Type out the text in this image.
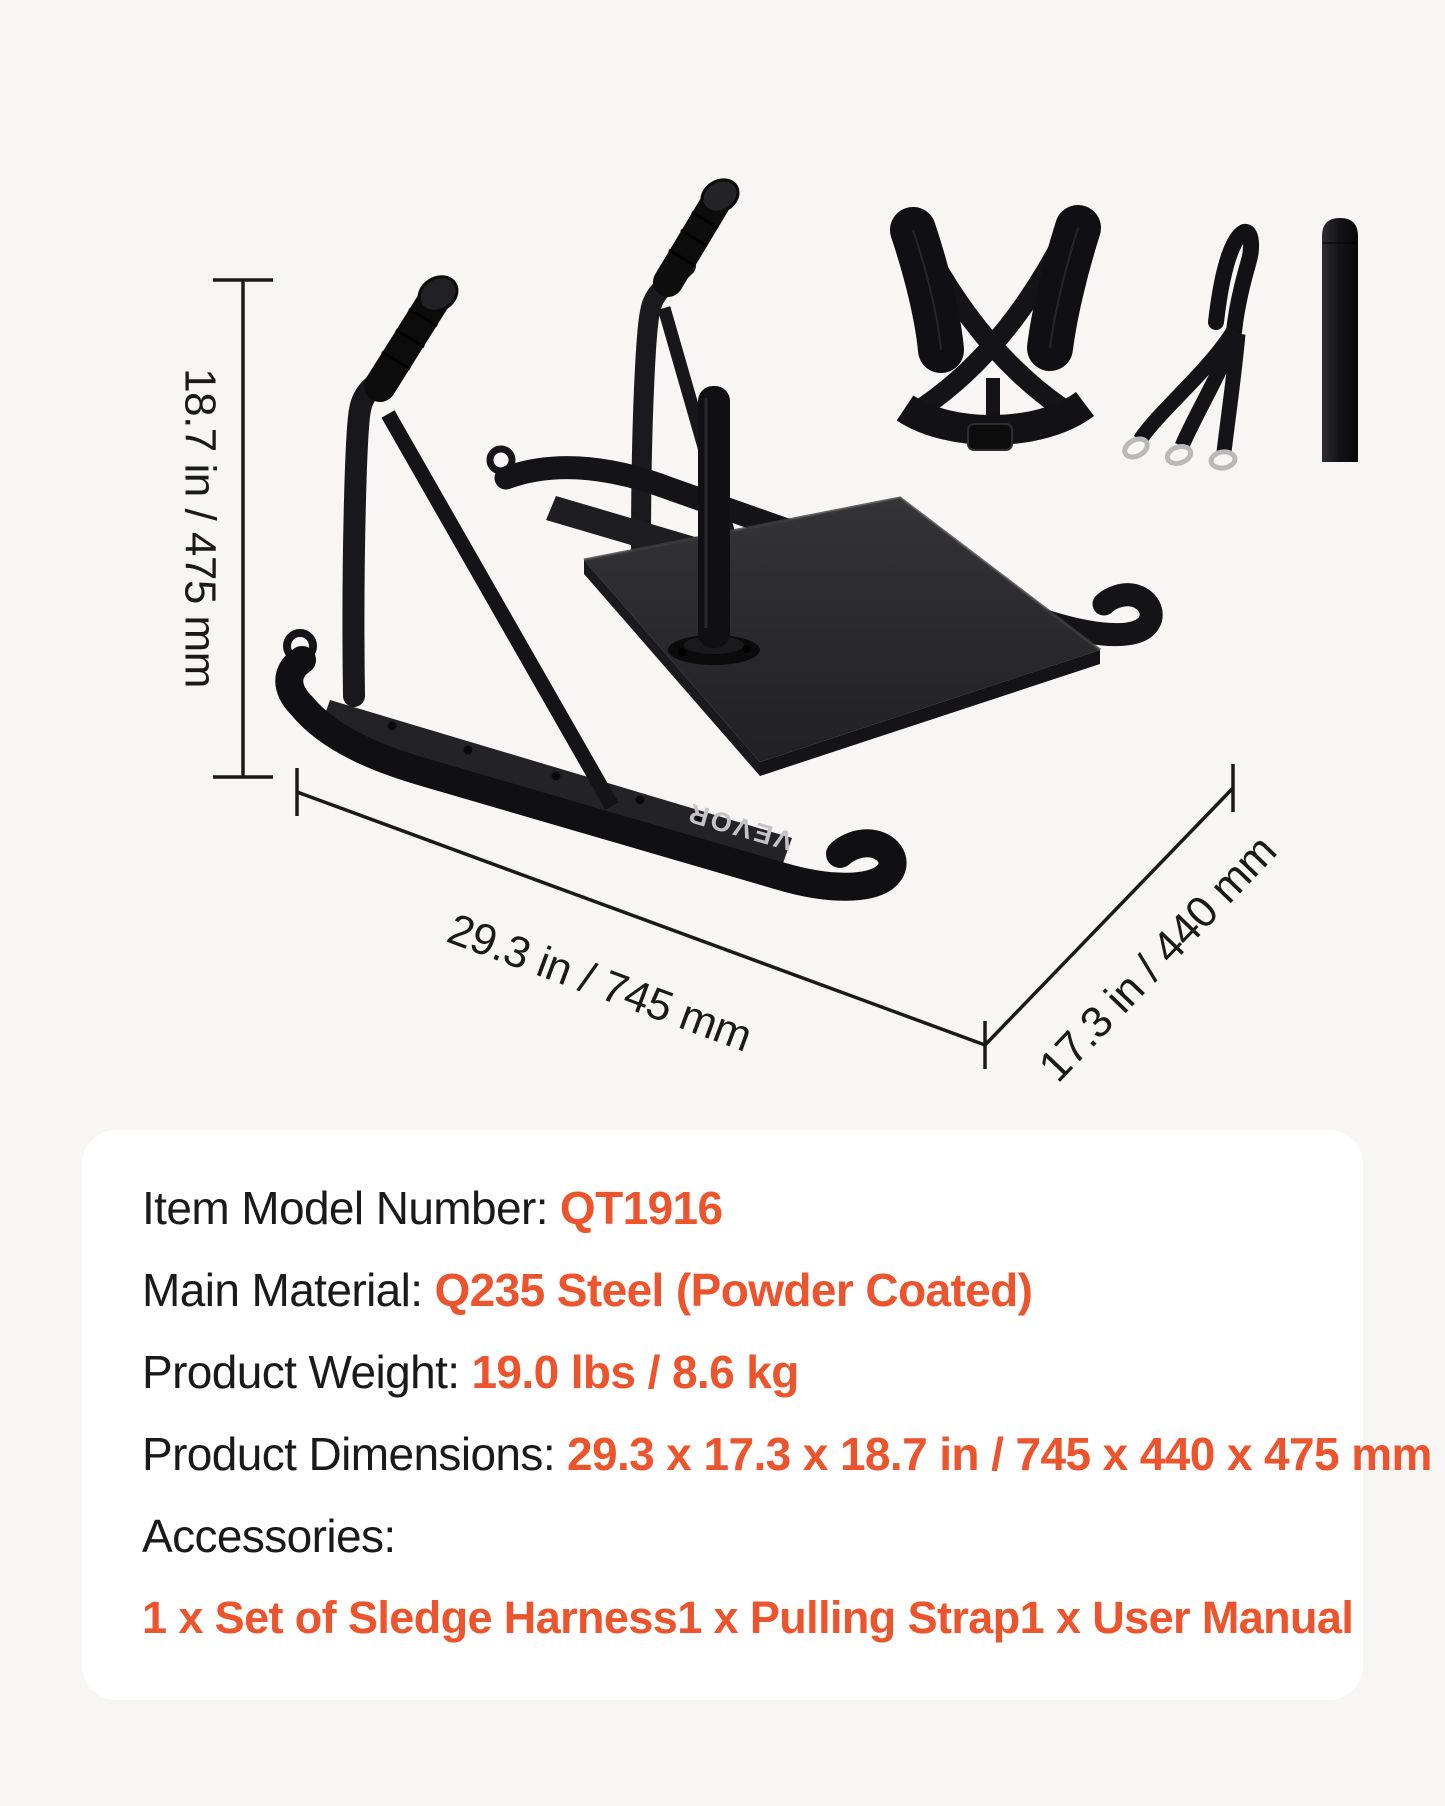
VEVOR
18.7 in / 475 mm
29.3 in / 745 mm	17.3 in / 440 mm
Item Model Number: QT1916
Main Material: Q235 Steel (Powder Coated)
Product Weight: 19.0 lbs / 8.6 kg
Product Dimensions: 29.3 x 17.3 x 18.7 in / 745 x 440 x 475 mm
Accessories:
1 x Set of Sledge Harness 1 x Pulling Strap 1 x User Manual
